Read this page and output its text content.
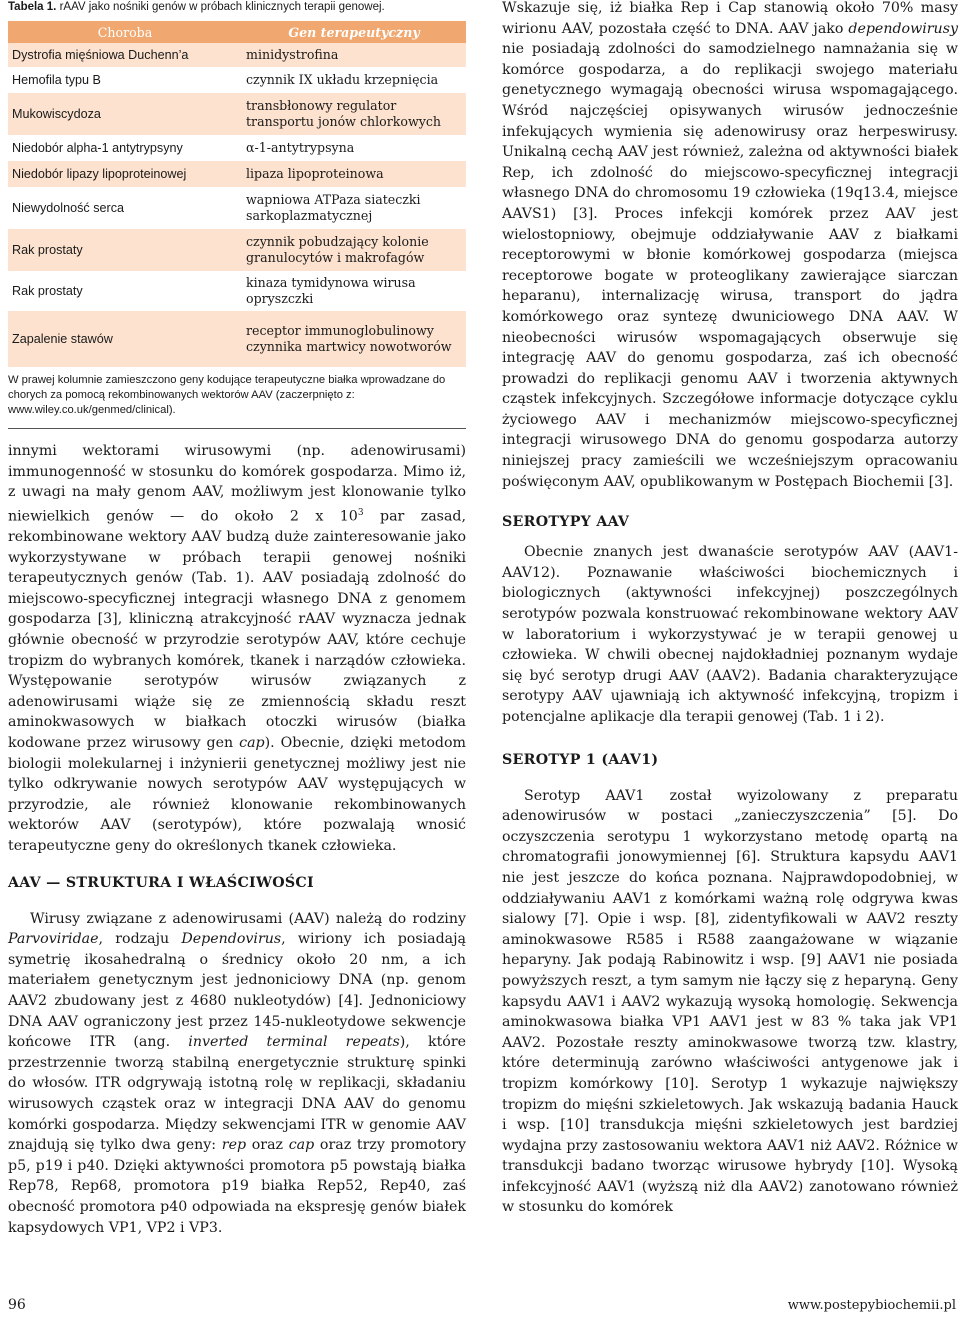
Tabela 1. rAAV jako nośniki genów w próbach klinicznych terapii genowej.
Choroba	Gen terapeutyczny
Dystrofia mięśniowa Duchenn’a	minidystrofina
Hemofila typu B	czynnik IX układu krzepnięcia
Mukowiscydoza	transbłonowy regulator transportu jonów chlorkowych
Niedobór alpha-1 antytrypsyny	α-1-antytrypsyna
Niedobór lipazy lipoproteinowej	lipaza lipoproteinowa
Niewydolność serca	wapniowa ATPaza siateczki sarkoplazmatycznej
Rak prostaty	czynnik pobudzający kolonie granulocytów i makrofagów
Rak prostaty	kinaza tymidynowa wirusa opryszczki
Zapalenie stawów	receptor immunoglobulinowy czynnika martwicy nowotworów
W prawej kolumnie zamieszczono geny kodujące terapeutyczne białka wprowadzane do chorych za pomocą rekombinowanych wektorów AAV (zaczerpnięto z: www.wiley.co.uk/genmed/clinical).

innymi wektorami wirusowymi (np. adenowirusami) immunogenność w stosunku do komórek gospodarza. Mimo iż, z uwagi na mały genom AAV, możliwym jest klonowanie tylko niewielkich genów — do około 2 x $10^3$ par zasad, rekombinowane wektory AAV budzą duże zainteresowanie jako wykorzystywane w próbach terapii genowej nośniki terapeutycznych genów (Tab. 1). AAV posiadają zdolność do miejscowo-specyficznej integracji własnego DNA z genomem gospodarza [3], kliniczną atrakcyjność rAAV wyznacza jednak głównie obecność w przyrodzie serotypów AAV, które cechuje tropizm do wybranych komórek, tkanek i narządów człowieka. Występowanie serotypów wirusów związanych z adenowirusami wiąże się ze zmiennością składu reszt aminokwasowych w białkach otoczki wirusów (białka kodowane przez wirusowy gen cap). Obecnie, dzięki metodom biologii molekularnej i inżynierii genetycznej możliwy jest nie tylko odkrywanie nowych serotypów AAV występujących w przyrodzie, ale również klonowanie rekombinowanych wektorów AAV (serotypów), które pozwalają wnosić terapeutyczne geny do określonych tkanek człowieka.

AAV — STRUKTURA I WŁAŚCIWOŚCI

Wirusy związane z adenowirusami (AAV) należą do rodziny Parvoviridae, rodzaju Dependovirus, wiriony ich posiadają symetrię ikosahedralną o średnicy około 20 nm, a ich materiałem genetycznym jest jednoniciowy DNA (np. genom AAV2 zbudowany jest z 4680 nukleotydów) [4]. Jednoniciowy DNA AAV ograniczony jest przez 145-nukleotydowe sekwencje końcowe ITR (ang. inverted terminal repeats), które przestrzennie tworzą stabilną energetycznie strukturę spinki do włosów. ITR odgrywają istotną rolę w replikacji, składaniu wirusowych cząstek oraz w integracji DNA AAV do genomu komórki gospodarza. Między sekwencjami ITR w genomie AAV znajdują się tylko dwa geny: rep oraz cap oraz trzy promotory p5, p19 i p40. Dzięki aktywności promotora p5 powstają białka Rep78, Rep68, promotora p19 białka Rep52, Rep40, zaś obecność promotora p40 odpowiada na ekspresję genów białek kapsydowych VP1, VP2 i VP3.

Wskazuje się, iż białka Rep i Cap stanowią około 70% masy wirionu AAV, pozostała część to DNA. AAV jako dependowirusy nie posiadają zdolności do samodzielnego namnażania się w komórce gospodarza, a do replikacji swojego materiału genetycznego wymagają obecności wirusa wspomagającego. Wśród najczęściej opisywanych wirusów jednocześnie infekujących wymienia się adenowirusy oraz herpeswirusy. Unikalną cechą AAV jest również, zależna od aktywności białek Rep, ich zdolność do miejscowo-specyficznej integracji własnego DNA do chromosomu 19 człowieka (19q13.4, miejsce AAVS1) [3]. Proces infekcji komórek przez AAV jest wielostopniowy, obejmuje oddziaływanie AAV z białkami receptorowymi w błonie komórkowej gospodarza (miejsca receptorowe bogate w proteoglikany zawierające siarczan heparanu), internalizację wirusa, transport do jądra komórkowego oraz syntezę dwuniciowego DNA AAV. W nieobecności wirusów wspomagających obserwuje się integrację AAV do genomu gospodarza, zaś ich obecność prowadzi do replikacji genomu AAV i tworzenia aktywnych cząstek infekcyjnych. Szczegółowe informacje dotyczące cyklu życiowego AAV i mechanizmów miejscowo-specyficznej integracji wirusowego DNA do genomu gospodarza autorzy niniejszej pracy zamieścili we wcześniejszym opracowaniu poświęconym AAV, opublikowanym w Postępach Biochemii [3].

SEROTYPY AAV

Obecnie znanych jest dwanaście serotypów AAV (AAV1-AAV12). Poznawanie właściwości biochemicznych i biologicznych (aktywności infekcyjnej) poszczególnych serotypów pozwala konstruować rekombinowane wektory AAV w laboratorium i wykorzystywać je w terapii genowej u człowieka. W chwili obecnej najdokładniej poznanym wydaje się być serotyp drugi AAV (AAV2). Badania charakteryzujące serotypy AAV ujawniają ich aktywność infekcyjną, tropizm i potencjalne aplikacje dla terapii genowej (Tab. 1 i 2).

SEROTYP 1 (AAV1)

Serotyp AAV1 został wyizolowany z preparatu adenowirusów w postaci „zanieczyszczenia” [5]. Do oczyszczenia serotypu 1 wykorzystano metodę opartą na chromatografii jonowymiennej [6]. Struktura kapsydu AAV1 nie jest jeszcze do końca poznana. Najprawdopodobniej, w oddziaływaniu AAV1 z komórkami ważną rolę odgrywa kwas sialowy [7]. Opie i wsp. [8], zidentyfikowali w AAV2 reszty aminokwasowe R585 i R588 zaangażowane w wiązanie heparyny. Jak podają Rabinowitz i wsp. [9] AAV1 nie posiada powyższych reszt, a tym samym nie łączy się z heparyną. Geny kapsydu AAV1 i AAV2 wykazują wysoką homologię. Sekwencja aminokwasowa białka VP1 AAV1 jest w 83 % taka jak VP1 AAV2. Pozostałe reszty aminokwasowe tworzą tzw. klastry, które determinują zarówno właściwości antygenowe jak i tropizm komórkowy [10]. Serotyp 1 wykazuje największy tropizm do mięśni szkieletowych. Jak wskazują badania Hauck i wsp. [10] transdukcja mięśni szkieletowych jest bardziej wydajna przy zastosowaniu wektora AAV1 niż AAV2. Różnice w transdukcji badano tworząc wirusowe hybrydy [10]. Wysoką infekcyjność AAV1 (wyższą niż dla AAV2) zanotowano również w stosunku do komórek

96	www.postepybiochemii.pl
